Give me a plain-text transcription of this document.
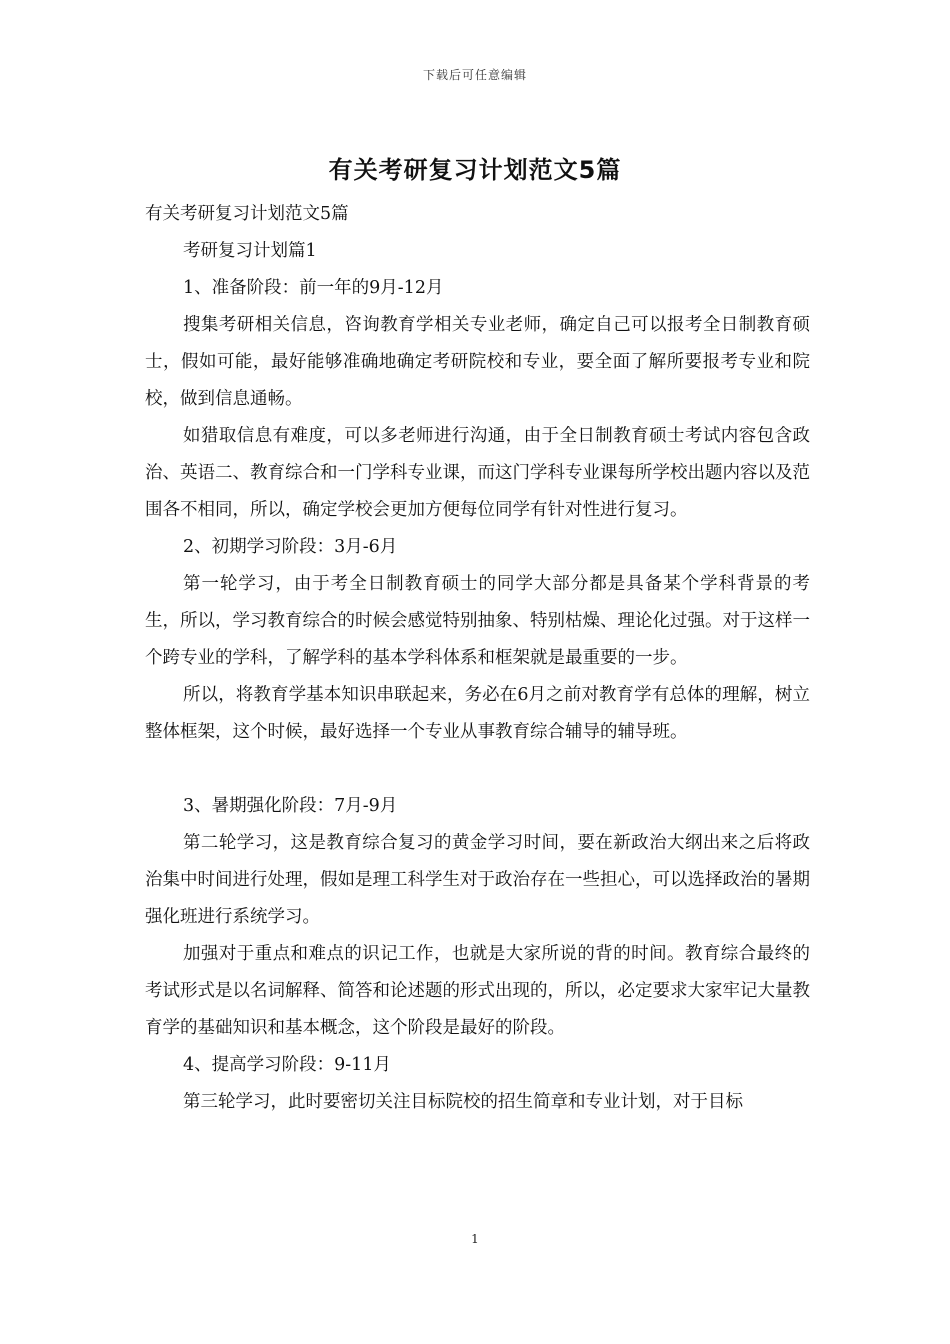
下载后可任意编辑
有关考研复习计划范文5篇

有关考研复习计划范文5篇

考研复习计划篇1

1、准备阶段：前一年的9月-12月

搜集考研相关信息，咨询教育学相关专业老师，确定自己可以报考全日制教育硕士，假如可能，最好能够准确地确定考研院校和专业，要全面了解所要报考专业和院校，做到信息通畅。

如猎取信息有难度，可以多老师进行沟通，由于全日制教育硕士考试内容包含政治、英语二、教育综合和一门学科专业课，而这门学科专业课每所学校出题内容以及范围各不相同，所以，确定学校会更加方便每位同学有针对性进行复习。

2、初期学习阶段：3月-6月

第一轮学习，由于考全日制教育硕士的同学大部分都是具备某个学科背景的考生，所以，学习教育综合的时候会感觉特别抽象、特别枯燥、理论化过强。对于这样一个跨专业的学科，了解学科的基本学科体系和框架就是最重要的一步。

所以，将教育学基本知识串联起来，务必在6月之前对教育学有总体的理解，树立整体框架，这个时候，最好选择一个专业从事教育综合辅导的辅导班。

3、暑期强化阶段：7月-9月

第二轮学习，这是教育综合复习的黄金学习时间，要在新政治大纲出来之后将政治集中时间进行处理，假如是理工科学生对于政治存在一些担心，可以选择政治的暑期强化班进行系统学习。

加强对于重点和难点的识记工作，也就是大家所说的背的时间。教育综合最终的考试形式是以名词解释、简答和论述题的形式出现的，所以，必定要求大家牢记大量教育学的基础知识和基本概念，这个阶段是最好的阶段。

4、提高学习阶段：9-11月

第三轮学习，此时要密切关注目标院校的招生简章和专业计划，对于目标

1
